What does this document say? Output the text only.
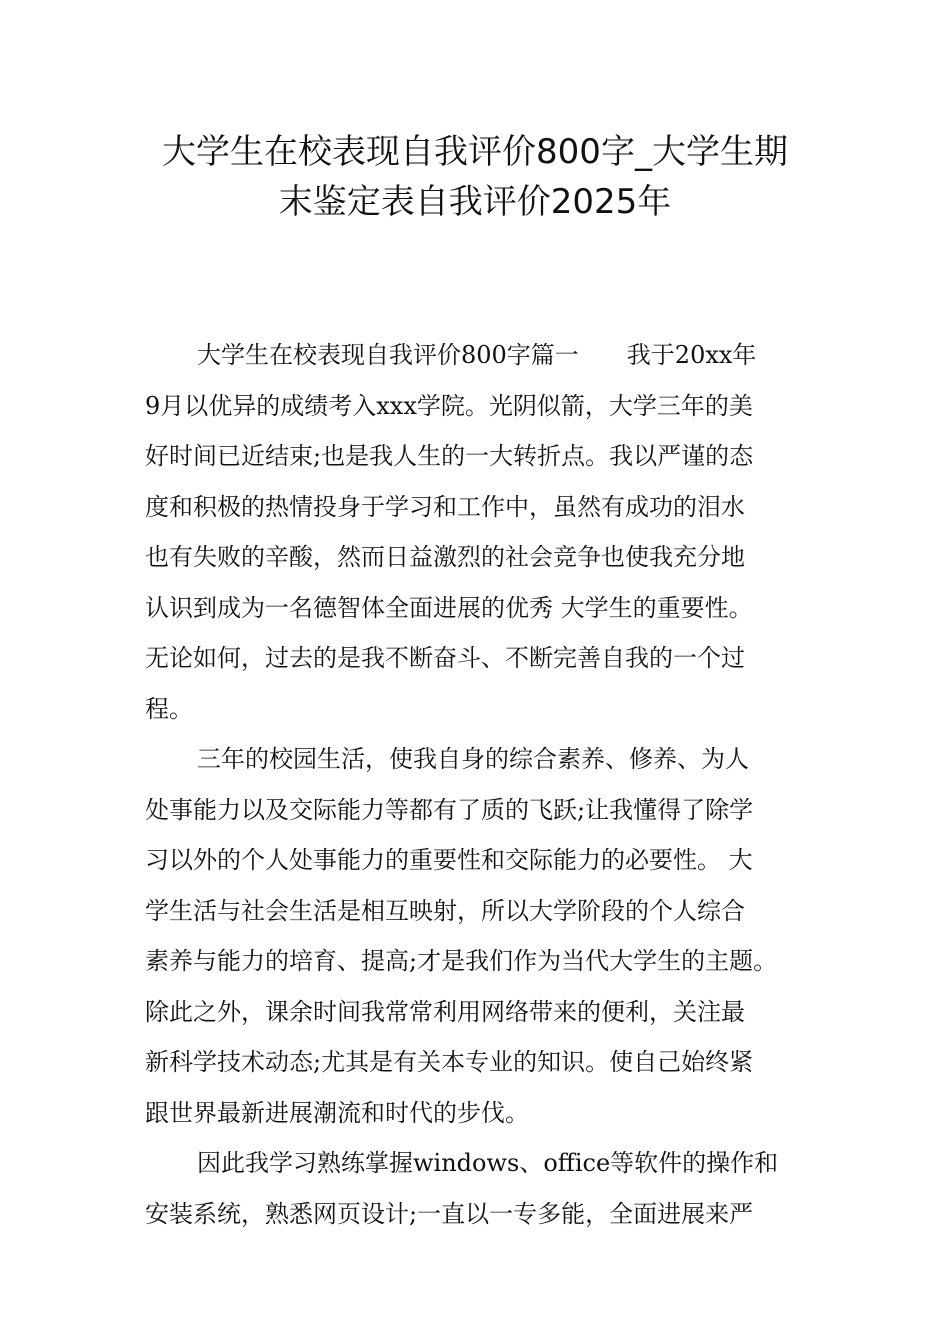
大学生在校表现自我评价800字_大学生期
末鉴定表自我评价2025年
大学生在校表现自我评价800字篇一　　我于20xx年
9月以优异的成绩考入xxx学院。光阴似箭，大学三年的美
好时间已近结束;也是我人生的一大转折点。我以严谨的态
度和积极的热情投身于学习和工作中，虽然有成功的泪水
也有失败的辛酸，然而日益激烈的社会竞争也使我充分地
认识到成为一名德智体全面进展的优秀 大学生的重要性。
无论如何，过去的是我不断奋斗、不断完善自我的一个过
程。
三年的校园生活，使我自身的综合素养、修养、为人
处事能力以及交际能力等都有了质的飞跃;让我懂得了除学
习以外的个人处事能力的重要性和交际能力的必要性。 大
学生活与社会生活是相互映射，所以大学阶段的个人综合
素养与能力的培育、提高;才是我们作为当代大学生的主题。
除此之外，课余时间我常常利用网络带来的便利，关注最
新科学技术动态;尤其是有关本专业的知识。使自己始终紧
跟世界最新进展潮流和时代的步伐。
因此我学习熟练掌握windows、office等软件的操作和
安装系统，熟悉网页设计;一直以一专多能，全面进展来严
